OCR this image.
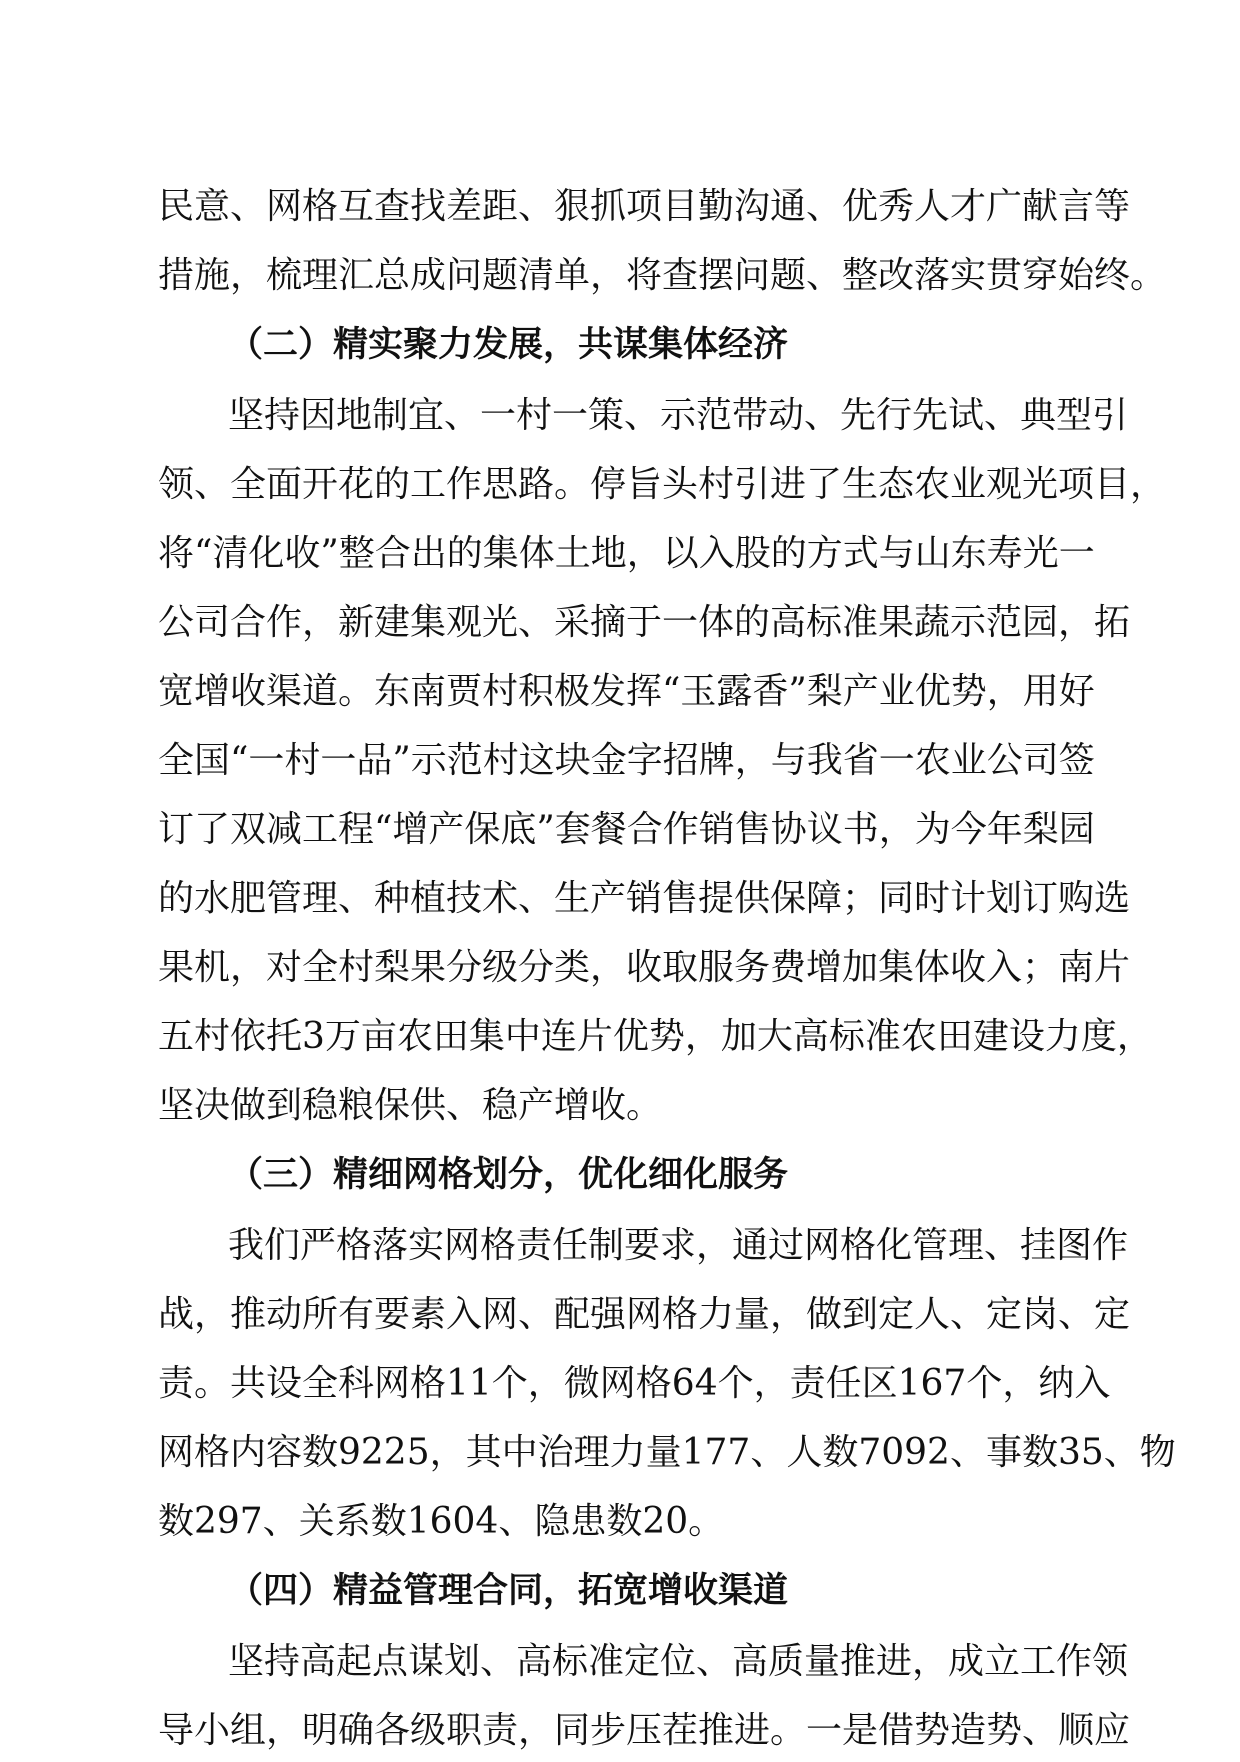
民意、网格互查找差距、狠抓项目勤沟通、优秀人才广献言等
措施，梳理汇总成问题清单，将查摆问题、整改落实贯穿始终。
（二）精实聚力发展，共谋集体经济
坚持因地制宜、一村一策、示范带动、先行先试、典型引
领、全面开花的工作思路。停旨头村引进了生态农业观光项目，
将“清化收”整合出的集体土地，以入股的方式与山东寿光一
公司合作，新建集观光、采摘于一体的高标准果蔬示范园，拓
宽增收渠道。东南贾村积极发挥“玉露香”梨产业优势，用好
全国“一村一品”示范村这块金字招牌，与我省一农业公司签
订了双减工程“增产保底”套餐合作销售协议书，为今年梨园
的水肥管理、种植技术、生产销售提供保障；同时计划订购选
果机，对全村梨果分级分类，收取服务费增加集体收入；南片
五村依托3万亩农田集中连片优势，加大高标准农田建设力度，
坚决做到稳粮保供、稳产增收。
（三）精细网格划分，优化细化服务
我们严格落实网格责任制要求，通过网格化管理、挂图作
战，推动所有要素入网、配强网格力量，做到定人、定岗、定
责。共设全科网格11个，微网格64个，责任区167个，纳入
网格内容数9225，其中治理力量177、人数7092、事数35、物
数297、关系数1604、隐患数20。
（四）精益管理合同，拓宽增收渠道
坚持高起点谋划、高标准定位、高质量推进，成立工作领
导小组，明确各级职责，同步压茬推进。一是借势造势、顺应
